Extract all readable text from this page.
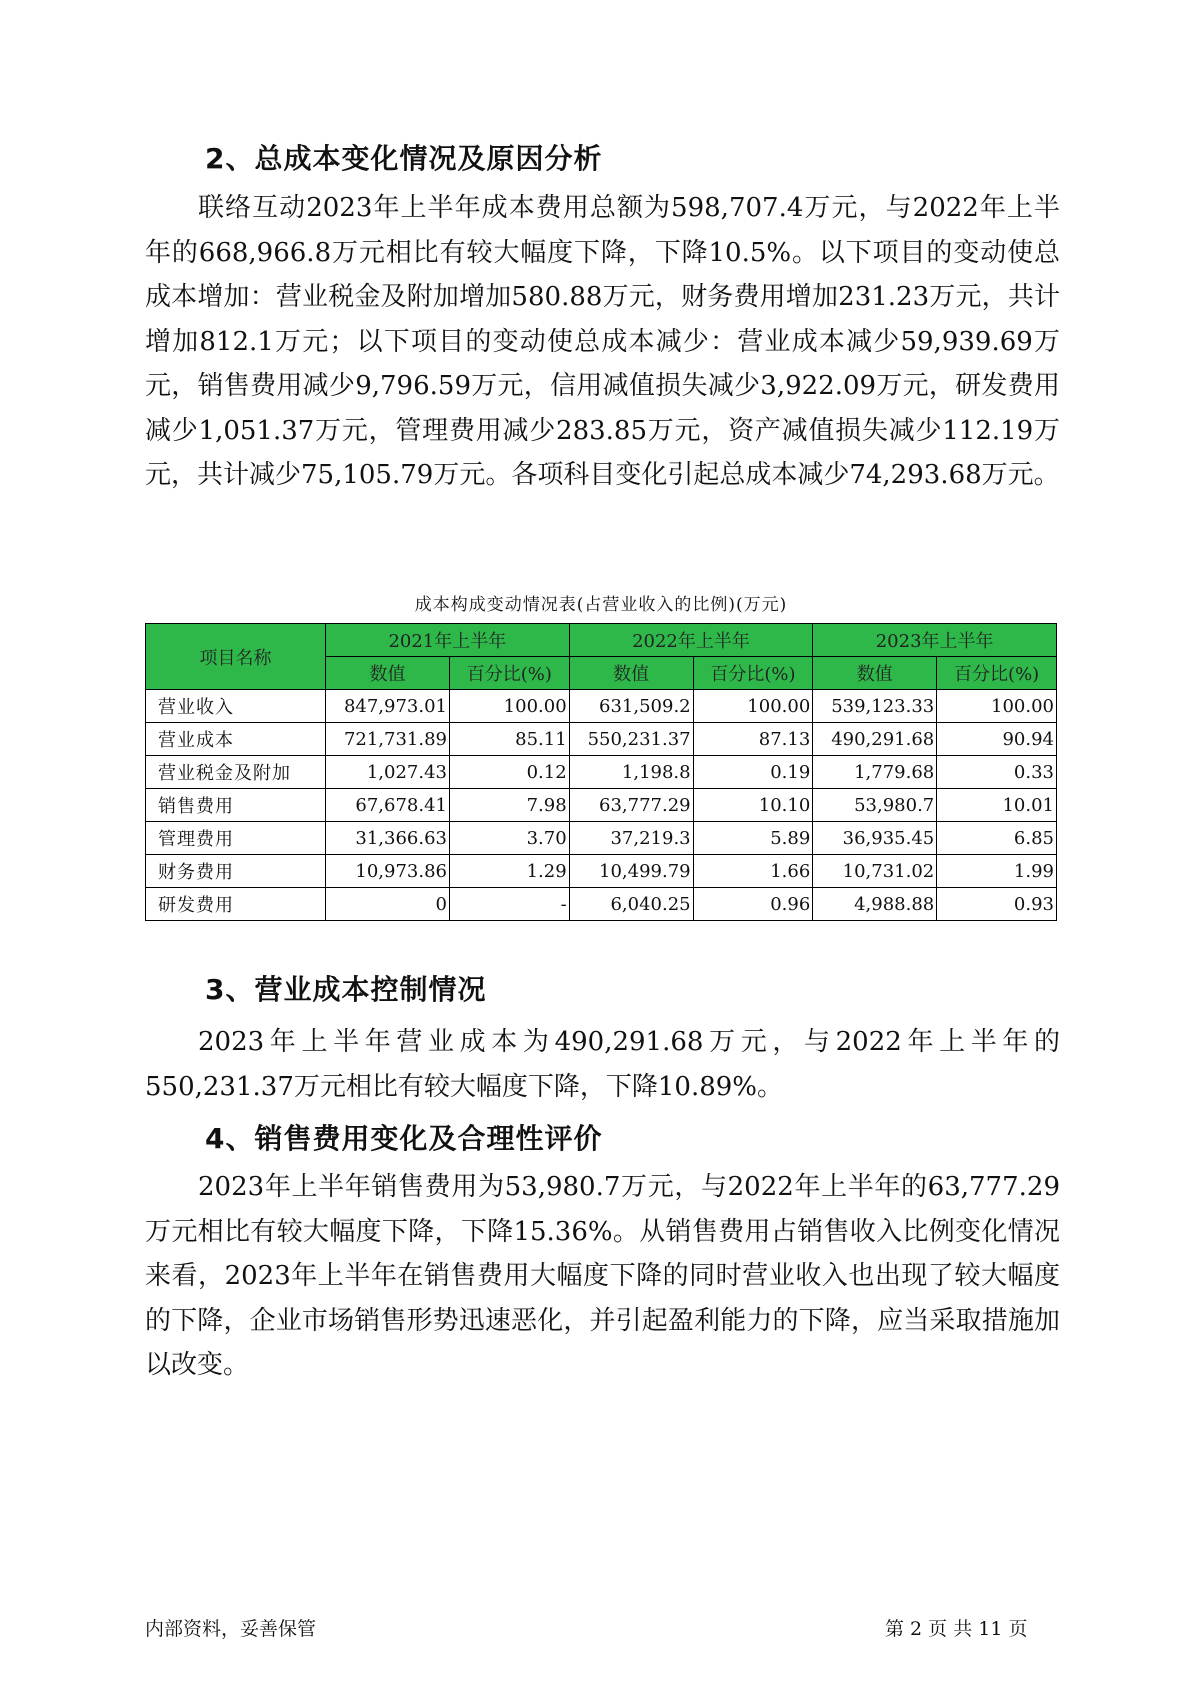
2、总成本变化情况及原因分析

联络互动2023年上半年成本费用总额为598,707.4万元，与2022年上半年的668,966.8万元相比有较大幅度下降，下降10.5%。以下项目的变动使总成本增加：营业税金及附加增加580.88万元，财务费用增加231.23万元，共计增加812.1万元；以下项目的变动使总成本减少：营业成本减少59,939.69万元，销售费用减少9,796.59万元，信用减值损失减少3,922.09万元，研发费用减少1,051.37万元，管理费用减少283.85万元，资产减值损失减少112.19万元，共计减少75,105.79万元。各项科目变化引起总成本减少74,293.68万元。

成本构成变动情况表(占营业收入的比例)(万元)
项目名称	2021年上半年		2022年上半年		2023年上半年	
	数值	百分比(%)	数值	百分比(%)	数值	百分比(%)
营业收入	847,973.01	100.00	631,509.2	100.00	539,123.33	100.00
营业成本	721,731.89	85.11	550,231.37	87.13	490,291.68	90.94
营业税金及附加	1,027.43	0.12	1,198.8	0.19	1,779.68	0.33
销售费用	67,678.41	7.98	63,777.29	10.10	53,980.7	10.01
管理费用	31,366.63	3.70	37,219.3	5.89	36,935.45	6.85
财务费用	10,973.86	1.29	10,499.79	1.66	10,731.02	1.99
研发费用	0	-	6,040.25	0.96	4,988.88	0.93
3、营业成本控制情况

2023年上半年营业成本为490,291.68万元，与2022年上半年的550,231.37万元相比有较大幅度下降，下降10.89%。

4、销售费用变化及合理性评价

2023年上半年销售费用为53,980.7万元，与2022年上半年的63,777.29万元相比有较大幅度下降，下降15.36%。从销售费用占销售收入比例变化情况来看，2023年上半年在销售费用大幅度下降的同时营业收入也出现了较大幅度的下降，企业市场销售形势迅速恶化，并引起盈利能力的下降，应当采取措施加以改变。

内部资料，妥善保管	第 2 页 共 11 页
